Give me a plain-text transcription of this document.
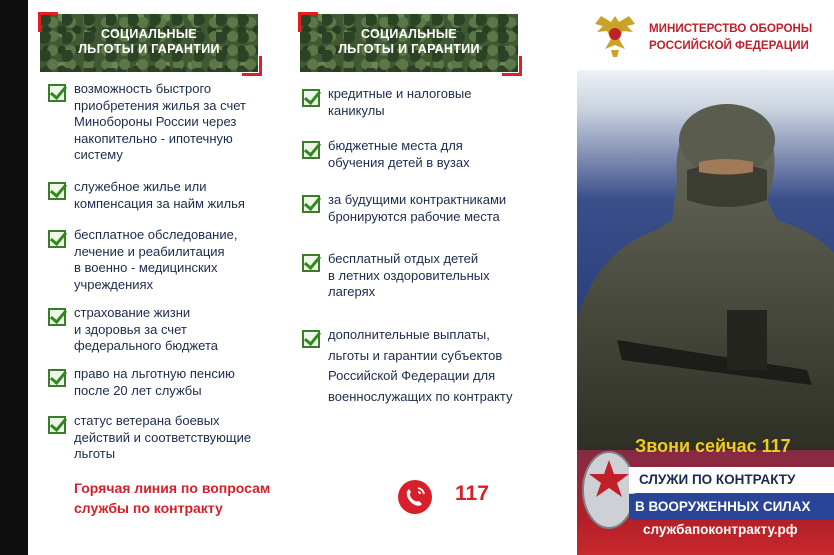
СОЦИАЛЬНЫЕ
ЛЬГОТЫ И ГАРАНТИИ
СОЦИАЛЬНЫЕ
ЛЬГОТЫ И ГАРАНТИИ
возможность быстрого
приобретения жилья за счет
Минобороны России через
накопительно - ипотечную
систему
служебное жилье или
компенсация за найм жилья
бесплатное обследование,
лечение и реабилитация
в военно - медицинских
учреждениях
страхование жизни
и здоровья за счет
федерального бюджета
право на льготную пенсию
после 20 лет службы
статус ветерана боевых
действий и соответствующие
льготы
кредитные и налоговые
каникулы
бюджетные места для
обучения детей в вузах
за будущими контрактниками
бронируются рабочие места
бесплатный отдых детей
в летних оздоровительных
лагерях
дополнительные выплаты,
льготы и гарантии субъектов
Российской Федерации для
военнослужащих по контракту
Горячая линия по вопросам
службы по контракту
117
МИНИСТЕРСТВО ОБОРОНЫ
РОССИЙСКОЙ ФЕДЕРАЦИИ
Звони сейчас 117
СЛУЖИ ПО КОНТРАКТУ
В ВООРУЖЕННЫХ СИЛАХ
службапоконтракту.рф
